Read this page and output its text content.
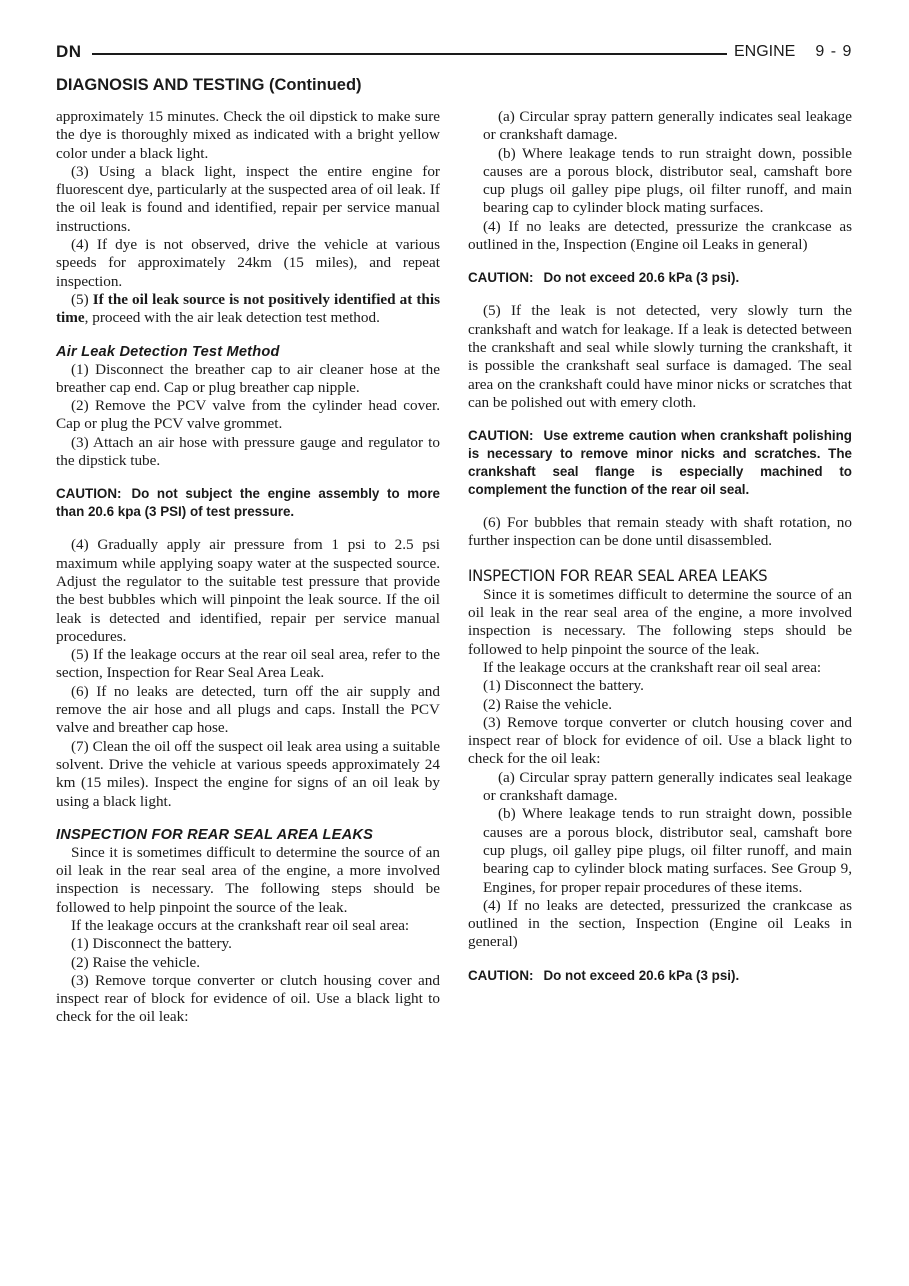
DN	ENGINE 9 - 9
DIAGNOSIS AND TESTING (Continued)

approximately 15 minutes. Check the oil dipstick to make sure the dye is thoroughly mixed as indicated with a bright yellow color under a black light.

(3) Using a black light, inspect the entire engine for fluorescent dye, particularly at the suspected area of oil leak. If the oil leak is found and identified, repair per service manual instructions.

(4) If dye is not observed, drive the vehicle at various speeds for approximately 24km (15 miles), and repeat inspection.

(5) If the oil leak source is not positively identified at this time, proceed with the air leak detection test method.

Air Leak Detection Test Method

(1) Disconnect the breather cap to air cleaner hose at the breather cap end. Cap or plug breather cap nipple.

(2) Remove the PCV valve from the cylinder head cover. Cap or plug the PCV valve grommet.

(3) Attach an air hose with pressure gauge and regulator to the dipstick tube.

CAUTION: Do not subject the engine assembly to more than 20.6 kpa (3 PSI) of test pressure.

(4) Gradually apply air pressure from 1 psi to 2.5 psi maximum while applying soapy water at the suspected source. Adjust the regulator to the suitable test pressure that provide the best bubbles which will pinpoint the leak source. If the oil leak is detected and identified, repair per service manual procedures.

(5) If the leakage occurs at the rear oil seal area, refer to the section, Inspection for Rear Seal Area Leak.

(6) If no leaks are detected, turn off the air supply and remove the air hose and all plugs and caps. Install the PCV valve and breather cap hose.

(7) Clean the oil off the suspect oil leak area using a suitable solvent. Drive the vehicle at various speeds approximately 24 km (15 miles). Inspect the engine for signs of an oil leak by using a black light.

INSPECTION FOR REAR SEAL AREA LEAKS

Since it is sometimes difficult to determine the source of an oil leak in the rear seal area of the engine, a more involved inspection is necessary. The following steps should be followed to help pinpoint the source of the leak.

If the leakage occurs at the crankshaft rear oil seal area:

(1) Disconnect the battery.

(2) Raise the vehicle.

(3) Remove torque converter or clutch housing cover and inspect rear of block for evidence of oil. Use a black light to check for the oil leak:

(a) Circular spray pattern generally indicates seal leakage or crankshaft damage.

(b) Where leakage tends to run straight down, possible causes are a porous block, distributor seal, camshaft bore cup plugs oil galley pipe plugs, oil filter runoff, and main bearing cap to cylinder block mating surfaces.

(4) If no leaks are detected, pressurize the crankcase as outlined in the, Inspection (Engine oil Leaks in general)

CAUTION: Do not exceed 20.6 kPa (3 psi).

(5) If the leak is not detected, very slowly turn the crankshaft and watch for leakage. If a leak is detected between the crankshaft and seal while slowly turning the crankshaft, it is possible the crankshaft seal surface is damaged. The seal area on the crankshaft could have minor nicks or scratches that can be polished out with emery cloth.

CAUTION: Use extreme caution when crankshaft polishing is necessary to remove minor nicks and scratches. The crankshaft seal flange is especially machined to complement the function of the rear oil seal.

(6) For bubbles that remain steady with shaft rotation, no further inspection can be done until disassembled.

INSPECTION FOR REAR SEAL AREA LEAKS

Since it is sometimes difficult to determine the source of an oil leak in the rear seal area of the engine, a more involved inspection is necessary. The following steps should be followed to help pinpoint the source of the leak.

If the leakage occurs at the crankshaft rear oil seal area:

(1) Disconnect the battery.

(2) Raise the vehicle.

(3) Remove torque converter or clutch housing cover and inspect rear of block for evidence of oil. Use a black light to check for the oil leak:

(a) Circular spray pattern generally indicates seal leakage or crankshaft damage.

(b) Where leakage tends to run straight down, possible causes are a porous block, distributor seal, camshaft bore cup plugs, oil galley pipe plugs, oil filter runoff, and main bearing cap to cylinder block mating surfaces. See Group 9, Engines, for proper repair procedures of these items.

(4) If no leaks are detected, pressurized the crankcase as outlined in the section, Inspection (Engine oil Leaks in general)

CAUTION: Do not exceed 20.6 kPa (3 psi).
